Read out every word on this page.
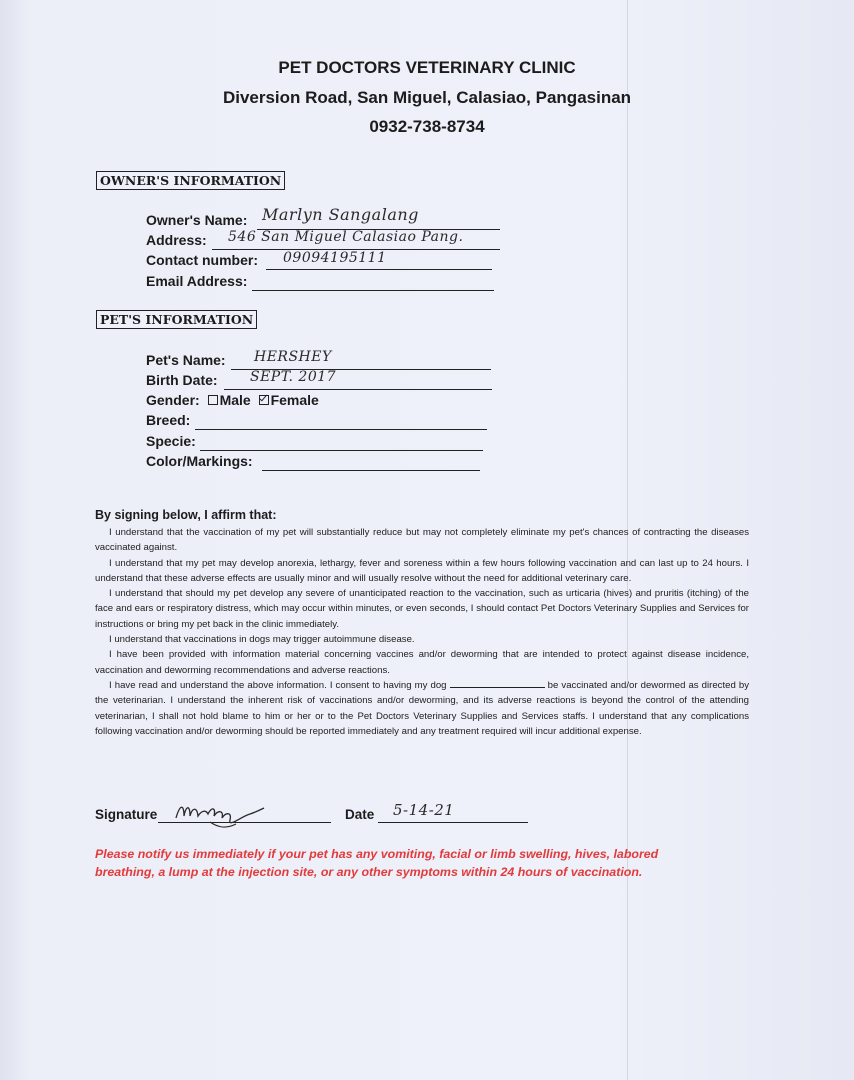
PET DOCTORS VETERINARY CLINIC
Diversion Road, San Miguel, Calasiao, Pangasinan
0932-738-8734
OWNER'S INFORMATION
Owner's Name: Marlyn Sangalang
Address: 546 San Miguel Calasiao Pang.
Contact number: 09094195111
Email Address:
PET'S INFORMATION
Pet's Name: HERSHEY
Birth Date: SEPT. 2017
Gender: Male Female
Breed:
Specie:
Color/Markings:
By signing below, I affirm that:

I understand that the vaccination of my pet will substantially reduce but may not completely eliminate my pet's chances of contracting the diseases vaccinated against.

I understand that my pet may develop anorexia, lethargy, fever and soreness within a few hours following vaccination and can last up to 24 hours. I understand that these adverse effects are usually minor and will usually resolve without the need for additional veterinary care.

I understand that should my pet develop any severe of unanticipated reaction to the vaccination, such as urticaria (hives) and pruritis (itching) of the face and ears or respiratory distress, which may occur within minutes, or even seconds, I should contact Pet Doctors Veterinary Supplies and Services for instructions or bring my pet back in the clinic immediately.

I understand that vaccinations in dogs may trigger autoimmune disease.

I have been provided with information material concerning vaccines and/or deworming that are intended to protect against disease incidence, vaccination and deworming recommendations and adverse reactions.

I have read and understand the above information. I consent to having my dog	be vaccinated and/or dewormed as directed by the veterinarian. I understand the inherent risk of vaccinations and/or deworming, and its adverse reactions is beyond the control of the attending veterinarian, I shall not hold blame to him or her or to the Pet Doctors Veterinary Supplies and Services staffs. I understand that any complications following vaccination and/or deworming should be reported immediately and any treatment required will incur additional expense.

Signature	Date 5-14-21
Please notify us immediately if your pet has any vomiting, facial or limb swelling, hives, labored breathing, a lump at the injection site, or any other symptoms within 24 hours of vaccination.
